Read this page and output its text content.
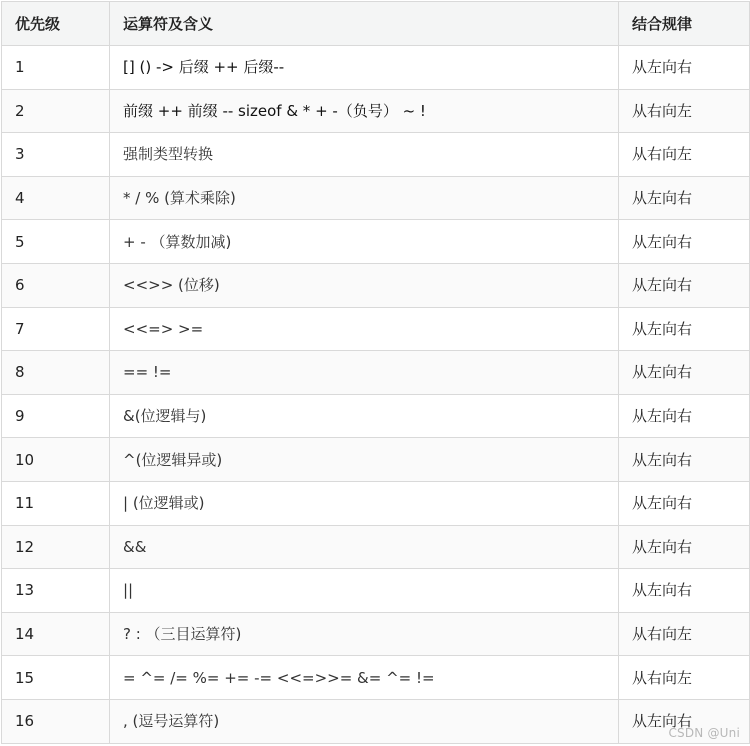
优先级	运算符及含义	结合规律
1	[] () -> 后缀 ++ 后缀--	从左向右
2	前缀 ++ 前缀 -- sizeof & * + -（负号） ~ !	从右向左
3	强制类型转换	从右向左
4	* / % (算术乘除)	从左向右
5	+ - （算数加减)	从左向右
6	<<>> (位移)	从左向右
7	<<=> >=	从左向右
8	== !=	从左向右
9	&(位逻辑与)	从左向右
10	^(位逻辑异或)	从左向右
11	| (位逻辑或)	从左向右
12	&&	从左向右
13	||	从左向右
14	? : （三目运算符)	从右向左
15	= ^= /= %= += -= <<=>>= &= ^= !=	从右向左
16	, (逗号运算符)	从左向右
CSDN @Uni
